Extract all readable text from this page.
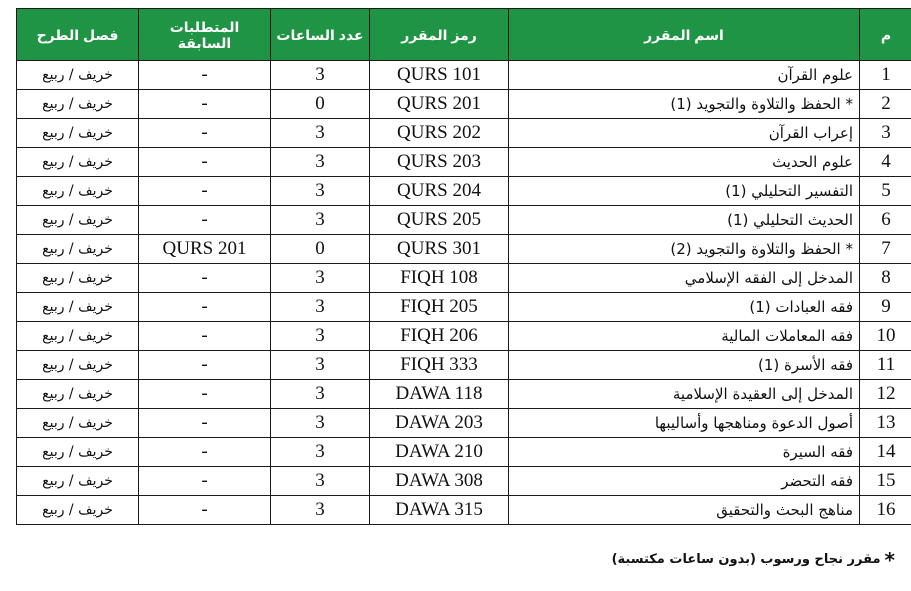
م	اسم المقرر	رمز المقرر	عدد الساعات	المتطلبات السابقة	فصل الطرح
1	علوم القرآن	QURS 101	3	-	خريف / ربيع
2	* الحفظ والتلاوة والتجويد (1)	QURS 201	0	-	خريف / ربيع
3	إعراب القرآن	QURS 202	3	-	خريف / ربيع
4	علوم الحديث	QURS 203	3	-	خريف / ربيع
5	التفسير التحليلي (1)	QURS 204	3	-	خريف / ربيع
6	الحديث التحليلي (1)	QURS 205	3	-	خريف / ربيع
7	* الحفظ والتلاوة والتجويد (2)	QURS 301	0	QURS 201	خريف / ربيع
8	المدخل إلى الفقه الإسلامي	FIQH 108	3	-	خريف / ربيع
9	فقه العبادات (1)	FIQH 205	3	-	خريف / ربيع
10	فقه المعاملات المالية	FIQH 206	3	-	خريف / ربيع
11	فقه الأسرة (1)	FIQH 333	3	-	خريف / ربيع
12	المدخل إلى العقيدة الإسلامية	DAWA 118	3	-	خريف / ربيع
13	أصول الدعوة ومناهجها وأساليبها	DAWA 203	3	-	خريف / ربيع
14	فقه السيرة	DAWA 210	3	-	خريف / ربيع
15	فقه التحضر	DAWA 308	3	-	خريف / ربيع
16	مناهج البحث والتحقيق	DAWA 315	3	-	خريف / ربيع
*مقرر نجاح ورسوب (بدون ساعات مكتسبة)
